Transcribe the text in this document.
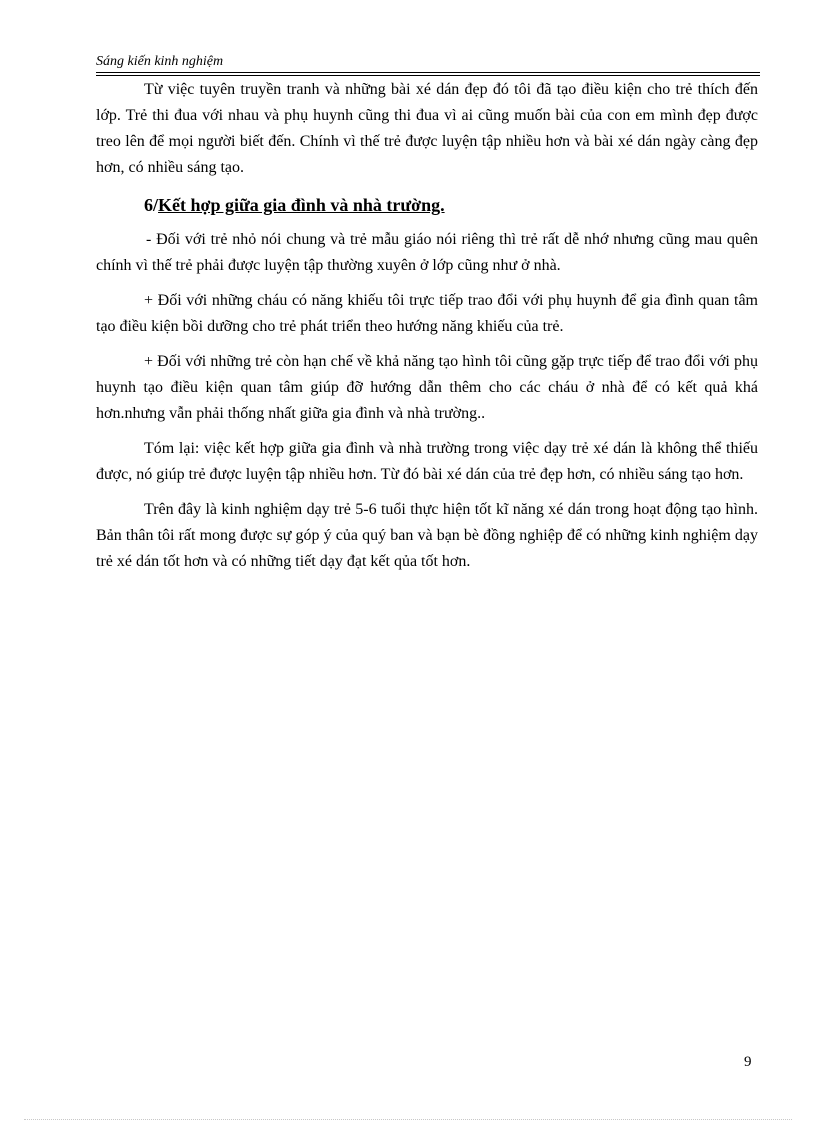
Sáng kiến kinh nghiệm

Từ việc tuyên truyền tranh và những bài xé dán đẹp đó tôi đã tạo điều kiện cho trẻ thích đến lớp. Trẻ thi đua với nhau và phụ huynh cũng thi đua vì ai cũng muốn bài của con em mình đẹp được treo lên để mọi người biết đến. Chính vì thế trẻ được luyện tập nhiều hơn và bài xé dán ngày càng đẹp hơn, có nhiều sáng tạo.

6/Kết hợp giữa gia đình và nhà trường.

- Đối với trẻ nhỏ nói chung và trẻ mẫu giáo nói riêng thì trẻ rất dễ nhớ nhưng cũng mau quên chính vì thế trẻ phải được luyện tập thường xuyên ở lớp cũng như ở nhà.

+ Đối với những cháu có năng khiếu tôi trực tiếp trao đổi với phụ huynh để gia đình quan tâm tạo điều kiện bồi dưỡng cho trẻ phát triển theo hướng năng khiếu của trẻ.

+ Đối với những trẻ còn hạn chế về khả năng tạo hình tôi cũng gặp trực tiếp để trao đổi với phụ huynh tạo điều kiện quan tâm giúp đỡ hướng dẫn thêm cho các cháu ở nhà để có kết quả khá hơn.nhưng vẫn phải thống nhất giữa gia đình và nhà trường..

Tóm lại: việc kết hợp giữa gia đình và nhà trường trong việc dạy trẻ xé dán là không thể thiếu được, nó giúp trẻ được luyện tập nhiều hơn. Từ đó bài xé dán của trẻ đẹp hơn, có nhiều sáng tạo hơn.

Trên đây là kinh nghiệm dạy trẻ 5-6 tuổi thực hiện tốt kĩ năng xé dán trong hoạt động tạo hình. Bản thân tôi rất mong được sự góp ý của quý ban và bạn bè đồng nghiệp để có những kinh nghiệm dạy trẻ xé dán tốt hơn và có những tiết dạy đạt kết qủa tốt hơn.

9
